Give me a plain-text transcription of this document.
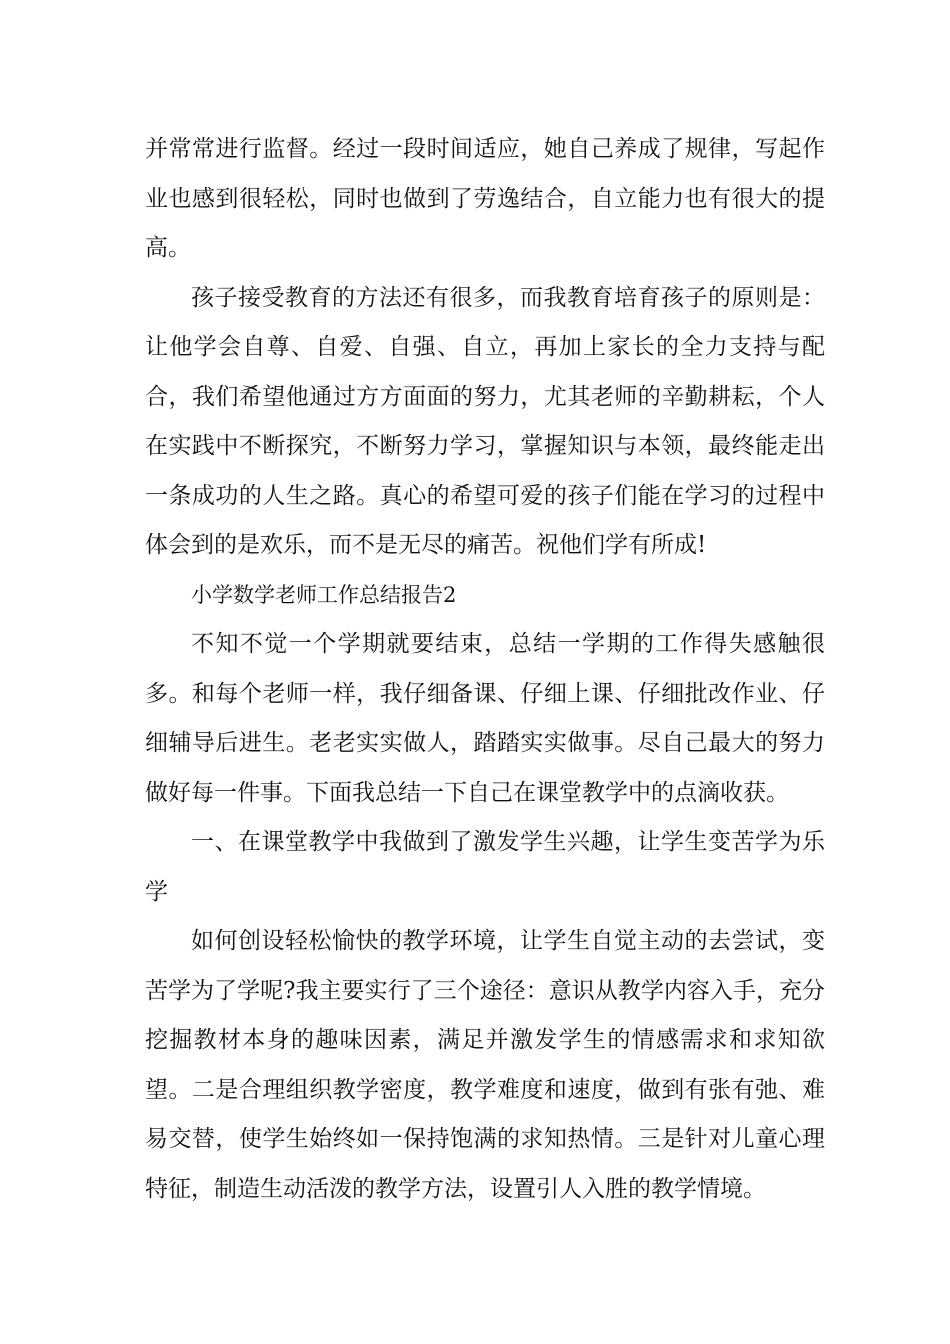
并常常进行监督。经过一段时间适应，她自己养成了规律，写起作业也感到很轻松，同时也做到了劳逸结合，自立能力也有很大的提高。

孩子接受教育的方法还有很多，而我教育培育孩子的原则是：让他学会自尊、自爱、自强、自立，再加上家长的全力支持与配合，我们希望他通过方方面面的努力，尤其老师的辛勤耕耘，个人在实践中不断探究，不断努力学习，掌握知识与本领，最终能走出一条成功的人生之路。真心的希望可爱的孩子们能在学习的过程中体会到的是欢乐，而不是无尽的痛苦。祝他们学有所成!

小学数学老师工作总结报告2

不知不觉一个学期就要结束，总结一学期的工作得失感触很多。和每个老师一样，我仔细备课、仔细上课、仔细批改作业、仔细辅导后进生。老老实实做人，踏踏实实做事。尽自己最大的努力做好每一件事。下面我总结一下自己在课堂教学中的点滴收获。

一、在课堂教学中我做到了激发学生兴趣，让学生变苦学为乐学

如何创设轻松愉快的教学环境，让学生自觉主动的去尝试，变苦学为了学呢?我主要实行了三个途径：意识从教学内容入手，充分挖掘教材本身的趣味因素，满足并激发学生的情感需求和求知欲望。二是合理组织教学密度，教学难度和速度，做到有张有弛、难易交替，使学生始终如一保持饱满的求知热情。三是针对儿童心理特征，制造生动活泼的教学方法，设置引人入胜的教学情境。
